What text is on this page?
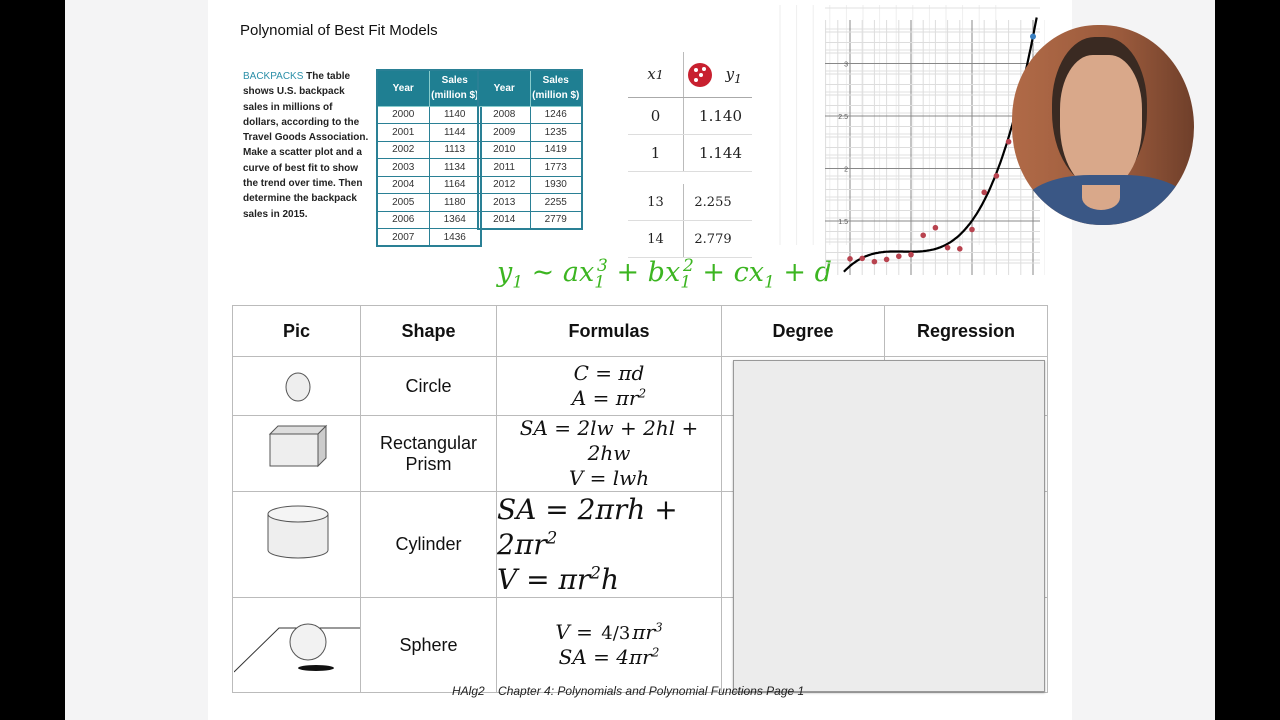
Polynomial of Best Fit Models
BACKPACKS The table shows U.S. backpack sales in millions of dollars, according to the Travel Goods Association. Make a scatter plot and a curve of best fit to show the trend over time. Then determine the backpack sales in 2015.
Year	Sales (million $)
2000	1140
2001	1144
2002	1113
2003	1134
2004	1164
2005	1180
2006	1364
2007	1436
Year	Sales (million $)
2008	1246
2009	1235
2010	1419
2011	1773
2012	1930
2013	2255
2014	2779
x 1	$y_1$
0	1.140
1	1.144
13	2.255
14	2.779
$y_1$ ~ $ax_1^3 + bx_1^2 + cx_1 + d$
1.5
2
2.5
3
Pic	Shape	Formulas	Degree	Regression
	Circle	C = πd
$A = \pi r^2$

	Rectangular Prism	SA = 2lw + 2hl + 2hw
V = lwh		

	Cylinder	SA = $2\pi rh + 2\pi r^2$
$V = \pi r^2h$		

	Sphere	V = 4/3 $\pi r^3$
SA = $4\pi r^2$

HAlg2 Chapter 4: Polynomials and Polynomial Functions Page 1
